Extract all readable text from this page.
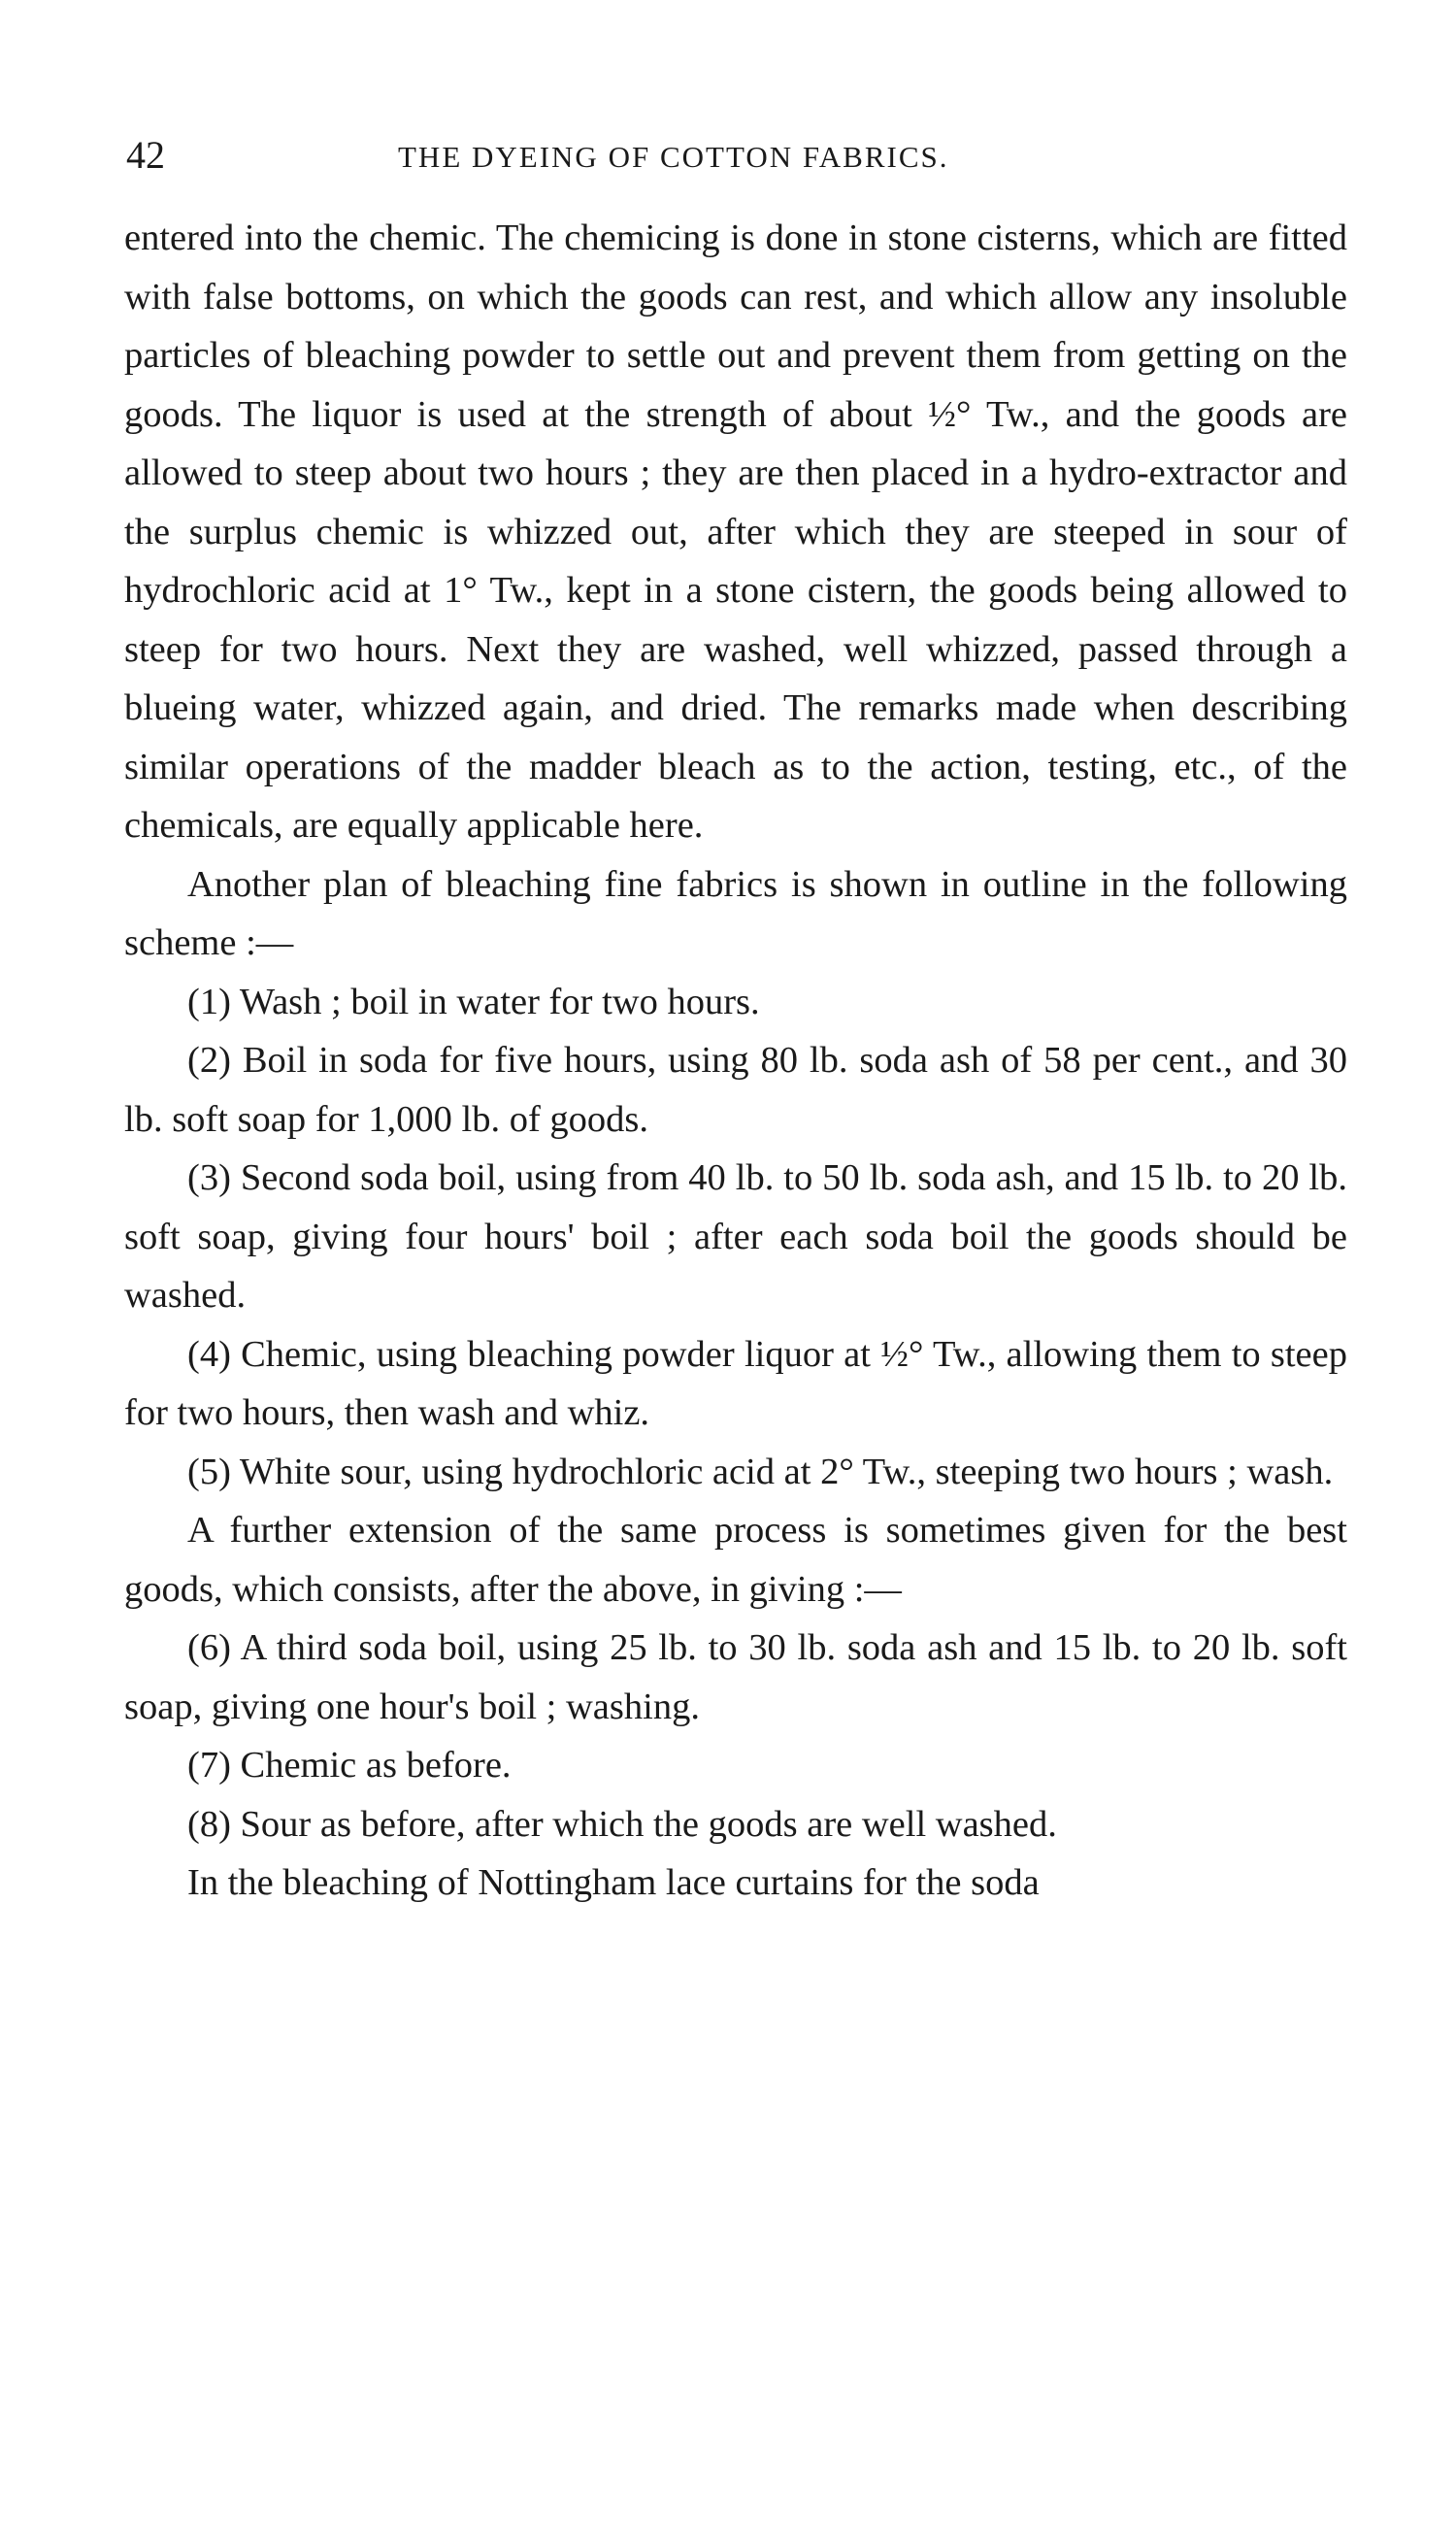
42	THE DYEING OF COTTON FABRICS.

entered into the chemic. The chemicing is done in stone cisterns, which are fitted with false bottoms, on which the goods can rest, and which allow any insoluble particles of bleaching powder to settle out and prevent them from getting on the goods. The liquor is used at the strength of about ½° Tw., and the goods are allowed to steep about two hours ; they are then placed in a hydro-extractor and the surplus chemic is whizzed out, after which they are steeped in sour of hydrochloric acid at 1° Tw., kept in a stone cistern, the goods being allowed to steep for two hours. Next they are washed, well whizzed, passed through a blueing water, whizzed again, and dried. The remarks made when describing similar operations of the madder bleach as to the action, testing, etc., of the chemicals, are equally applicable here.

Another plan of bleaching fine fabrics is shown in outline in the following scheme :—

(1) Wash ; boil in water for two hours.

(2) Boil in soda for five hours, using 80 lb. soda ash of 58 per cent., and 30 lb. soft soap for 1,000 lb. of goods.

(3) Second soda boil, using from 40 lb. to 50 lb. soda ash, and 15 lb. to 20 lb. soft soap, giving four hours' boil ; after each soda boil the goods should be washed.

(4) Chemic, using bleaching powder liquor at ½° Tw., allowing them to steep for two hours, then wash and whiz.

(5) White sour, using hydrochloric acid at 2° Tw., steeping two hours ; wash.

A further extension of the same process is sometimes given for the best goods, which consists, after the above, in giving :—

(6) A third soda boil, using 25 lb. to 30 lb. soda ash and 15 lb. to 20 lb. soft soap, giving one hour's boil ; washing.

(7) Chemic as before.

(8) Sour as before, after which the goods are well washed.

In the bleaching of Nottingham lace curtains for the soda
